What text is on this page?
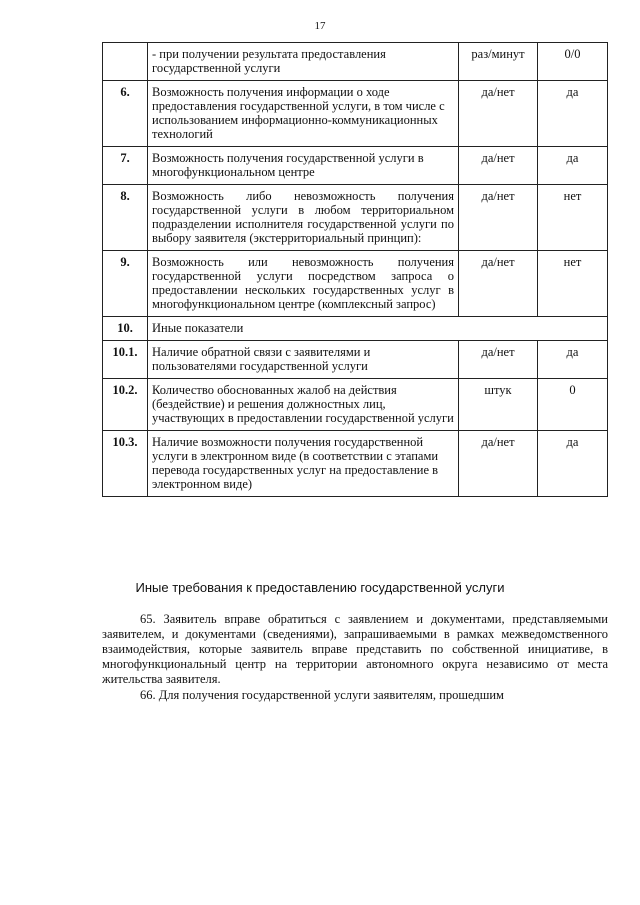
17
	- при получении результата предоставления государственной услуги	раз/минут	0/0
6.	Возможность получения информации о ходе предоставления государственной услуги, в том числе с использованием информационно-коммуникационных технологий	да/нет	да
7.	Возможность получения государственной услуги в многофункциональном центре	да/нет	да
8.	Возможность либо невозможность получения государственной услуги в любом территориальном подразделении исполнителя государственной услуги по выбору заявителя (экстерриториальный принцип):	да/нет	нет
9.	Возможность или невозможность получения государственной услуги посредством запроса о предоставлении нескольких государственных услуг в многофункциональном центре (комплексный запрос)	да/нет	нет
10.	Иные показатели		
10.1.	Наличие обратной связи с заявителями и пользователями государственной услуги	да/нет	да
10.2.	Количество обоснованных жалоб на действия (бездействие) и решения должностных лиц, участвующих в предоставлении государственной услуги	штук	0
10.3.	Наличие возможности получения государственной услуги в электронном виде (в соответствии с этапами перевода государственных услуг на предоставление в электронном виде)	да/нет	да
Иные требования к предоставлению государственной услуги

65. Заявитель вправе обратиться с заявлением и документами, представляемыми заявителем, и документами (сведениями), запрашиваемыми в рамках межведомственного взаимодействия, которые заявитель вправе представить по собственной инициативе, в многофункциональный центр на территории автономного округа независимо от места жительства заявителя.

66. Для получения государственной услуги заявителям, прошедшим
